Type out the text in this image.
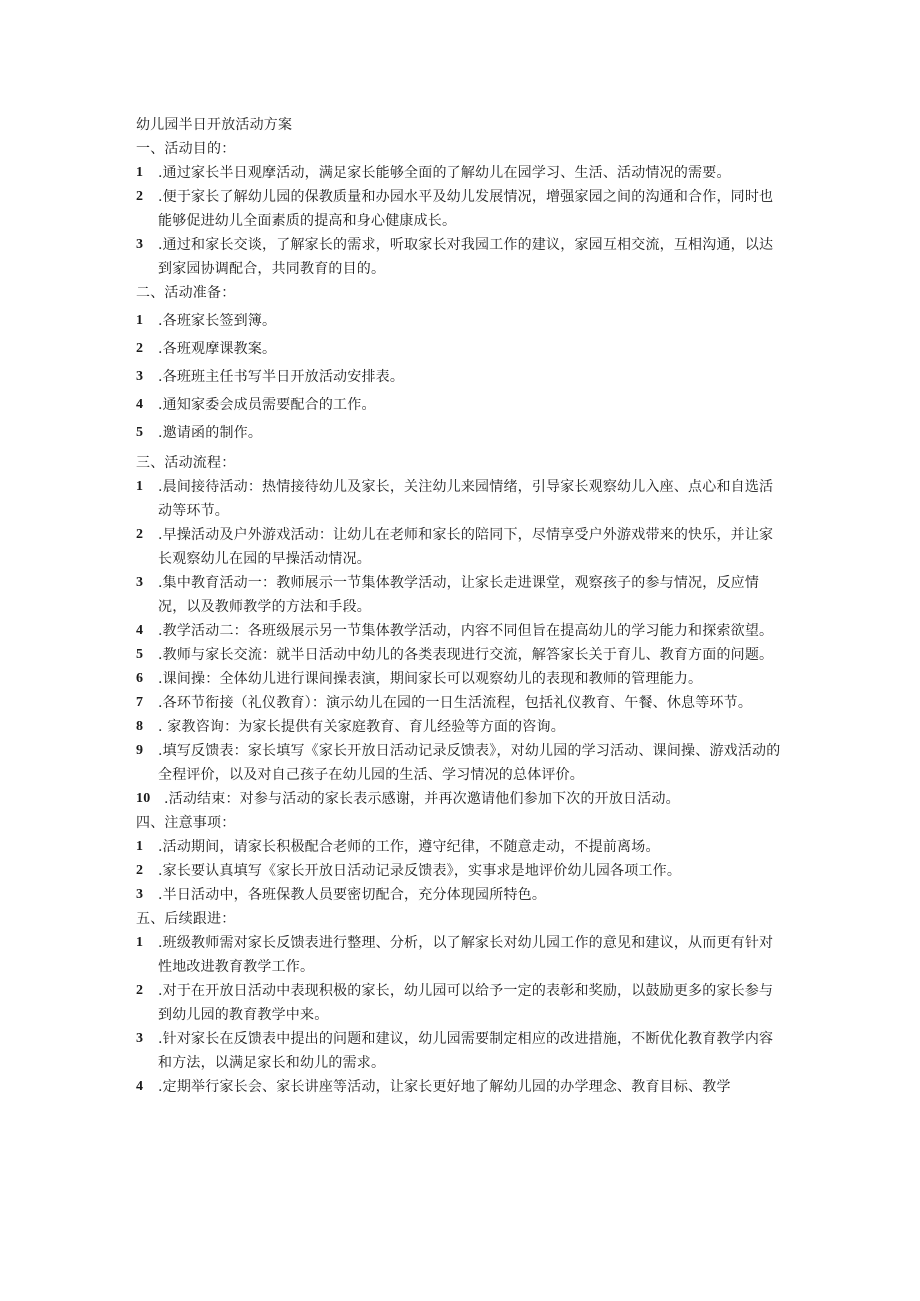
幼儿园半日开放活动方案
一、活动目的：
1	.通过家长半日观摩活动，满足家长能够全面的了解幼儿在园学习、生活、活动情况的需要。
2	.便于家长了解幼儿园的保教质量和办园水平及幼儿发展情况，增强家园之间的沟通和合作，同时也能够促进幼儿全面素质的提高和身心健康成长。
3	.通过和家长交谈，了解家长的需求，听取家长对我园工作的建议，家园互相交流，互相沟通，以达到家园协调配合，共同教育的目的。
二、活动准备：
1	.各班家长签到簿。
2	.各班观摩课教案。
3	.各班班主任书写半日开放活动安排表。
4	.通知家委会成员需要配合的工作。
5	.邀请函的制作。
三、活动流程：
1	.晨间接待活动：热情接待幼儿及家长，关注幼儿来园情绪，引导家长观察幼儿入座、点心和自选活动等环节。
2	.早操活动及户外游戏活动：让幼儿在老师和家长的陪同下，尽情享受户外游戏带来的快乐，并让家长观察幼儿在园的早操活动情况。
3	.集中教育活动一：教师展示一节集体教学活动，让家长走进课堂，观察孩子的参与情况，反应情况，以及教师教学的方法和手段。
4	.教学活动二：各班级展示另一节集体教学活动，内容不同但旨在提高幼儿的学习能力和探索欲望。
5	.教师与家长交流：就半日活动中幼儿的各类表现进行交流，解答家长关于育儿、教育方面的问题。
6	.课间操：全体幼儿进行课间操表演，期间家长可以观察幼儿的表现和教师的管理能力。
7	.各环节衔接（礼仪教育）：演示幼儿在园的一日生活流程，包括礼仪教育、午餐、休息等环节。
8	. 家教咨询：为家长提供有关家庭教育、育儿经验等方面的咨询。
9	.填写反馈表：家长填写《家长开放日活动记录反馈表》，对幼儿园的学习活动、课间操、游戏活动的全程评价，以及对自己孩子在幼儿园的生活、学习情况的总体评价。
10 .活动结束：对参与活动的家长表示感谢，并再次邀请他们参加下次的开放日活动。
四、注意事项：
1	.活动期间，请家长积极配合老师的工作，遵守纪律，不随意走动，不提前离场。
2	.家长要认真填写《家长开放日活动记录反馈表》，实事求是地评价幼儿园各项工作。
3	.半日活动中，各班保教人员要密切配合，充分体现园所特色。
五、后续跟进：
1	.班级教师需对家长反馈表进行整理、分析，以了解家长对幼儿园工作的意见和建议，从而更有针对性地改进教育教学工作。
2	.对于在开放日活动中表现积极的家长，幼儿园可以给予一定的表彰和奖励，以鼓励更多的家长参与到幼儿园的教育教学中来。
3	.针对家长在反馈表中提出的问题和建议，幼儿园需要制定相应的改进措施，不断优化教育教学内容和方法，以满足家长和幼儿的需求。
4	.定期举行家长会、家长讲座等活动，让家长更好地了解幼儿园的办学理念、教育目标、教学
